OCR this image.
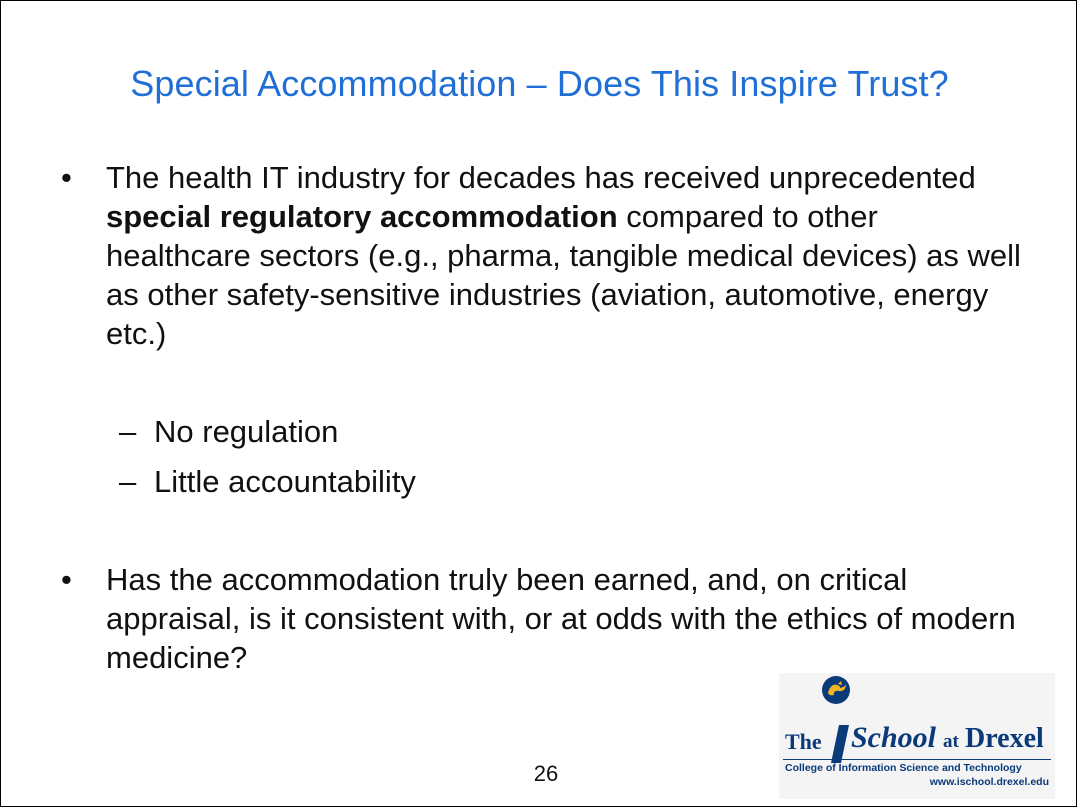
Special Accommodation – Does This Inspire Trust?
• The health IT industry for decades has received unprecedented special regulatory accommodation compared to other healthcare sectors (e.g., pharma, tangible medical devices) as well as other safety-sensitive industries (aviation, automotive, energy etc.)
– No regulation
– Little accountability
• Has the accommodation truly been earned, and, on critical appraisal, is it consistent with, or at odds with the ethics of modern medicine?
26
The School at Drexel
College of Information Science and Technology
www.ischool.drexel.edu
